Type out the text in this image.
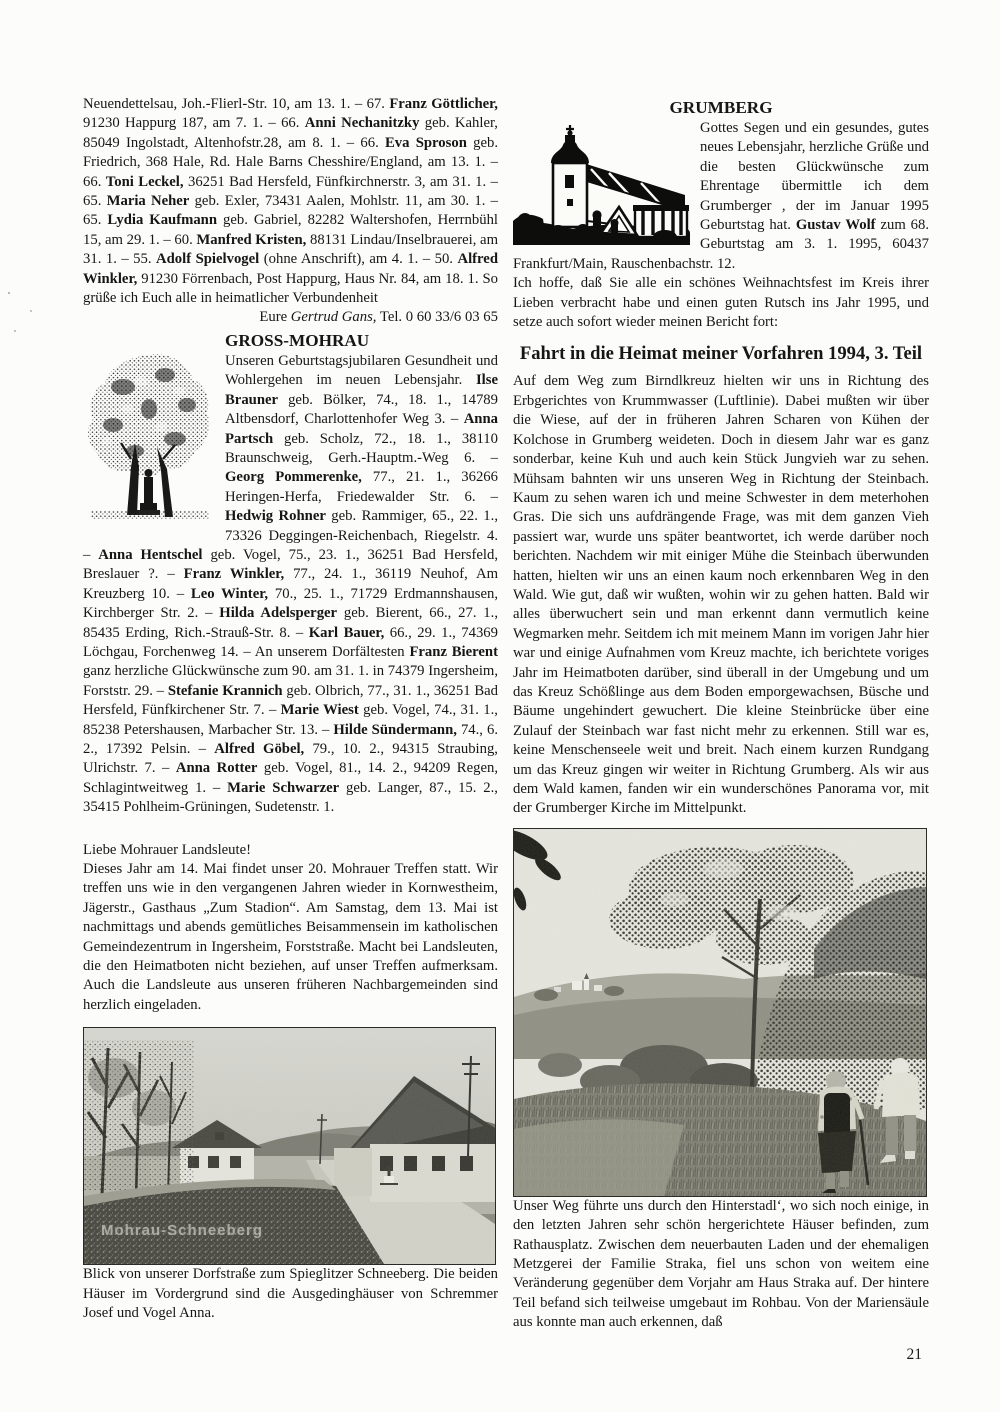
Neuendettelsau, Joh.-Flierl-Str. 10, am 13. 1. – 67. Franz Göttlicher, 91230 Happurg 187, am 7. 1. – 66. Anni Nechanitzky geb. Kahler, 85049 Ingolstadt, Altenhofstr.28, am 8. 1. – 66. Eva Sproson geb. Friedrich, 368 Hale, Rd. Hale Barns Chesshire/England, am 13. 1. – 66. Toni Leckel, 36251 Bad Hersfeld, Fünfkirchnerstr. 3, am 31. 1. – 65. Maria Neher geb. Exler, 73431 Aalen, Mohlstr. 11, am 30. 1. – 65. Lydia Kaufmann geb. Gabriel, 82282 Waltershofen, Herrnbühl 15, am 29. 1. – 60. Manfred Kristen, 88131 Lindau/Inselbrauerei, am 31. 1. – 55. Adolf Spielvogel (ohne Anschrift), am 4. 1. – 50. Alfred Winkler, 91230 Förrenbach, Post Happurg, Haus Nr. 84, am 18. 1. So grüße ich Euch alle in heimatlicher Verbundenheit

Eure Gertrud Gans, Tel. 0 60 33/6 03 65

GROSS-MOHRAU

Unseren Geburtstagsjubilaren Gesundheit und Wohlergehen im neuen Lebensjahr. Ilse Brauner geb. Bölker, 74., 18. 1., 14789 Altbensdorf, Charlottenhofer Weg 3. – Anna Partsch geb. Scholz, 72., 18. 1., 38110 Braunschweig, Gerh.-Hauptm.-Weg 6. – Georg Pommerenke, 77., 21. 1., 36266 Heringen-Herfa, Friedewalder Str. 6. – Hedwig Rohner geb. Rammiger, 65., 22. 1., 73326 Deggingen-Reichenbach, Riegelstr. 4. – Anna Hentschel geb. Vogel, 75., 23. 1., 36251 Bad Hersfeld, Breslauer ?. – Franz Winkler, 77., 24. 1., 36119 Neuhof, Am Kreuzberg 10. – Leo Winter, 70., 25. 1., 71729 Erdmannshausen, Kirchberger Str. 2. – Hilda Adelsperger geb. Bierent, 66., 27. 1., 85435 Erding, Rich.-Strauß-Str. 8. – Karl Bauer, 66., 29. 1., 74369 Löchgau, Forchenweg 14. – An unserem Dorfältesten Franz Bierent ganz herzliche Glückwünsche zum 90. am 31. 1. in 74379 Ingersheim, Forststr. 29. – Stefanie Krannich geb. Olbrich, 77., 31. 1., 36251 Bad Hersfeld, Fünfkirchener Str. 7. – Marie Wiest geb. Vogel, 74., 31. 1., 85238 Petershausen, Marbacher Str. 13. – Hilde Sündermann, 74., 6. 2., 17392 Pelsin. – Alfred Göbel, 79., 10. 2., 94315 Straubing, Ulrichstr. 7. – Anna Rotter geb. Vogel, 81., 14. 2., 94209 Regen, Schlagintweitweg 1. – Marie Schwarzer geb. Langer, 87., 15. 2., 35415 Pohlheim-Grüningen, Sudetenstr. 1.

Liebe Mohrauer Landsleute!

Dieses Jahr am 14. Mai findet unser 20. Mohrauer Treffen statt. Wir treffen uns wie in den vergangenen Jahren wieder in Kornwestheim, Jägerstr., Gasthaus „Zum Stadion“. Am Samstag, dem 13. Mai ist nachmittags und abends gemütliches Beisammensein im katholischen Gemeindezentrum in Ingersheim, Forststraße. Macht bei Landsleuten, die den Heimatboten nicht beziehen, auf unser Treffen aufmerksam. Auch die Landsleute aus unseren früheren Nachbargemeinden sind herzlich eingeladen.

Mohrau-Schneeberg

Blick von unserer Dorfstraße zum Spieglitzer Schneeberg. Die beiden Häuser im Vordergrund sind die Ausgedinghäuser von Schremmer Josef und Vogel Anna.

GRUMBERG

Gottes Segen und ein gesundes, gutes neues Lebensjahr, herzliche Grüße und die besten Glückwünsche zum Ehrentage übermittle ich dem Grumberger , der im Januar 1995 Geburtstag hat. Gustav Wolf zum 68. Geburtstag am 3. 1. 1995, 60437 Frankfurt/Main, Rauschenbachstr. 12.

Ich hoffe, daß Sie alle ein schönes Weihnachtsfest im Kreis ihrer Lieben verbracht habe und einen guten Rutsch ins Jahr 1995, und setze auch sofort wieder meinen Bericht fort:

Fahrt in die Heimat meiner Vorfahren 1994, 3. Teil

Auf dem Weg zum Birndlkreuz hielten wir uns in Richtung des Erbgerichtes von Krummwasser (Luftlinie). Dabei mußten wir über die Wiese, auf der in früheren Jahren Scharen von Kühen der Kolchose in Grumberg weideten. Doch in diesem Jahr war es ganz sonderbar, keine Kuh und auch kein Stück Jungvieh war zu sehen. Mühsam bahnten wir uns unseren Weg in Richtung der Steinbach. Kaum zu sehen waren ich und meine Schwester in dem meterhohen Gras. Die sich uns aufdrängende Frage, was mit dem ganzen Vieh passiert war, wurde uns später beantwortet, ich werde darüber noch berichten. Nachdem wir mit einiger Mühe die Steinbach überwunden hatten, hielten wir uns an einen kaum noch erkennbaren Weg in den Wald. Wie gut, daß wir wußten, wohin wir zu gehen hatten. Bald wir alles überwuchert sein und man erkennt dann vermutlich keine Wegmarken mehr. Seitdem ich mit meinem Mann im vorigen Jahr hier war und einige Aufnahmen vom Kreuz machte, ich berichtete voriges Jahr im Heimatboten darüber, sind überall in der Umgebung und um das Kreuz Schößlinge aus dem Boden emporgewachsen, Büsche und Bäume ungehindert gewuchert. Die kleine Steinbrücke über eine Zulauf der Steinbach war fast nicht mehr zu erkennen. Still war es, keine Menschenseele weit und breit. Nach einem kurzen Rundgang um das Kreuz gingen wir weiter in Richtung Grumberg. Als wir aus dem Wald kamen, fanden wir ein wunderschönes Panorama vor, mit der Grumberger Kirche im Mittelpunkt.

Unser Weg führte uns durch den Hinterstadl‘, wo sich noch einige, in den letzten Jahren sehr schön hergerichtete Häuser befinden, zum Rathausplatz. Zwischen dem neuerbauten Laden und der ehemaligen Metzgerei der Familie Straka, fiel uns schon von weitem eine Veränderung gegenüber dem Vorjahr am Haus Straka auf. Der hintere Teil befand sich teilweise umgebaut im Rohbau. Von der Mariensäule aus konnte man auch erkennen, daß

21
